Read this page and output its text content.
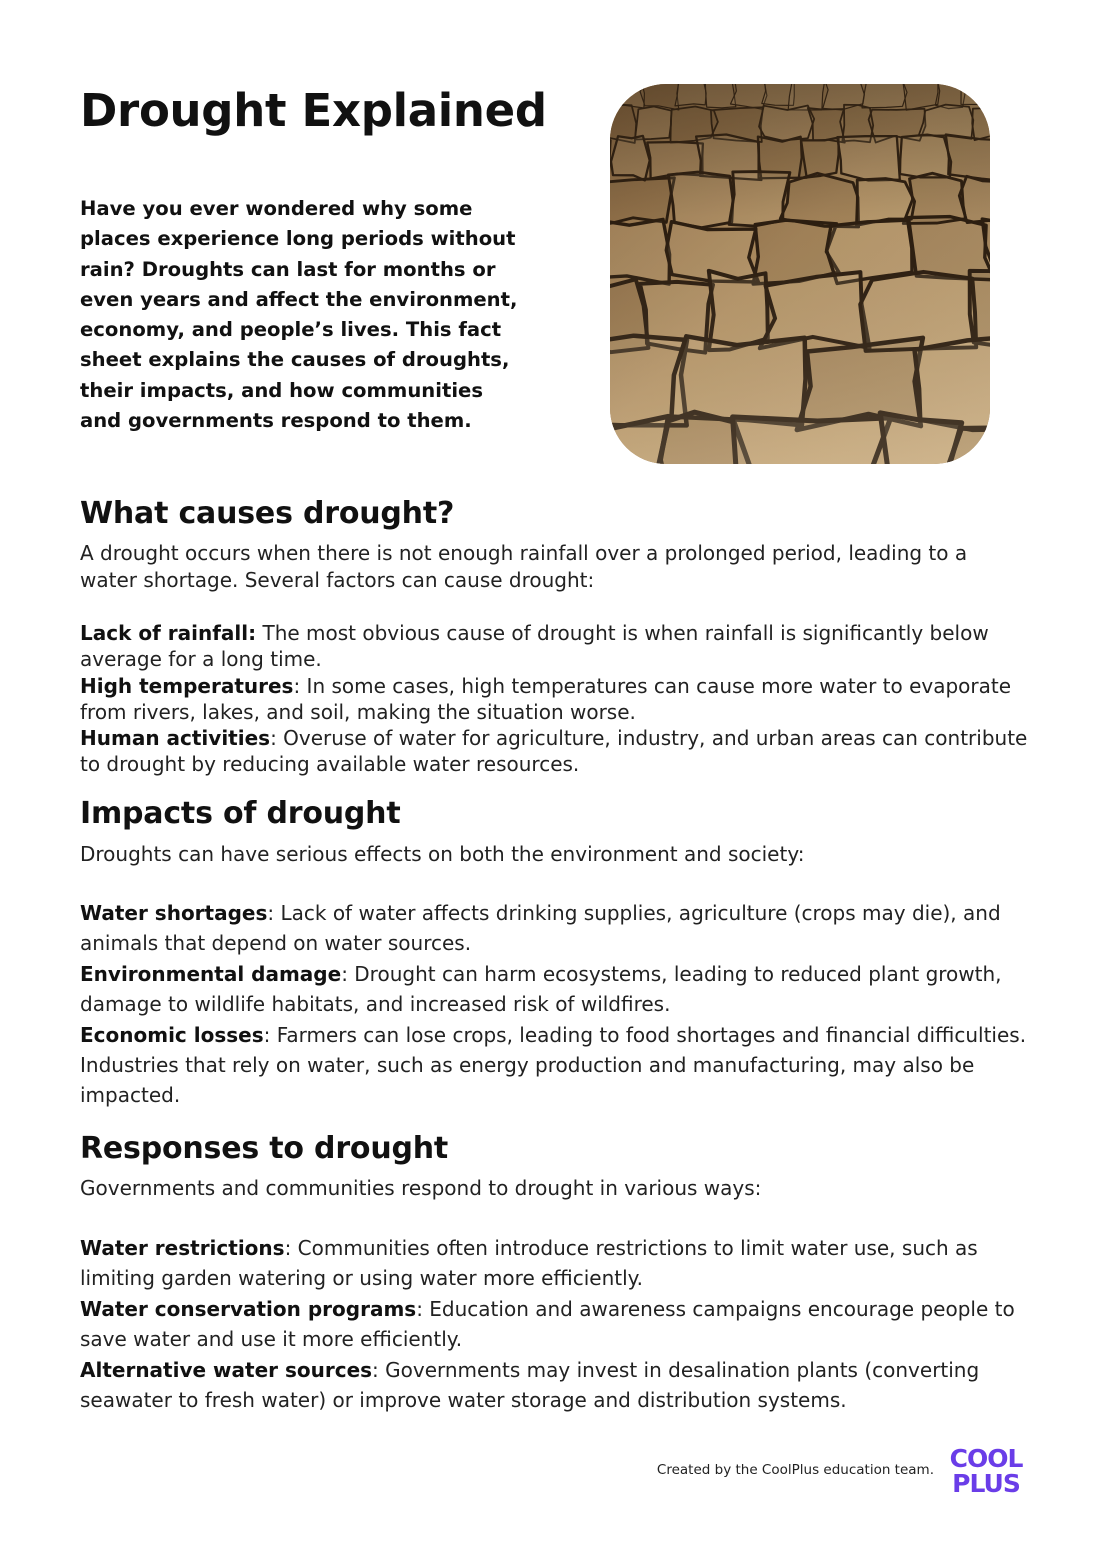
Drought Explained

Have you ever wondered why some places experience long periods without rain? Droughts can last for months or even years and affect the environment, economy, and people’s lives. This fact sheet explains the causes of droughts, their impacts, and how communities and governments respond to them.

What causes drought?

A drought occurs when there is not enough rainfall over a prolonged period, leading to a water shortage. Several factors can cause drought:

Lack of rainfall: The most obvious cause of drought is when rainfall is significantly below average for a long time.
High temperatures: In some cases, high temperatures can cause more water to evaporate from rivers, lakes, and soil, making the situation worse.
Human activities: Overuse of water for agriculture, industry, and urban areas can contribute to drought by reducing available water resources.
Impacts of drought

Droughts can have serious effects on both the environment and society:

Water shortages: Lack of water affects drinking supplies, agriculture (crops may die), and animals that depend on water sources.
Environmental damage: Drought can harm ecosystems, leading to reduced plant growth, damage to wildlife habitats, and increased risk of wildfires.
Economic losses: Farmers can lose crops, leading to food shortages and financial difficulties. Industries that rely on water, such as energy production and manufacturing, may also be impacted.
Responses to drought

Governments and communities respond to drought in various ways:

Water restrictions: Communities often introduce restrictions to limit water use, such as limiting garden watering or using water more efficiently.
Water conservation programs: Education and awareness campaigns encourage people to save water and use it more efficiently.
Alternative water sources: Governments may invest in desalination plants (converting seawater to fresh water) or improve water storage and distribution systems.
Created by the CoolPlus education team. COOL
PLUS
